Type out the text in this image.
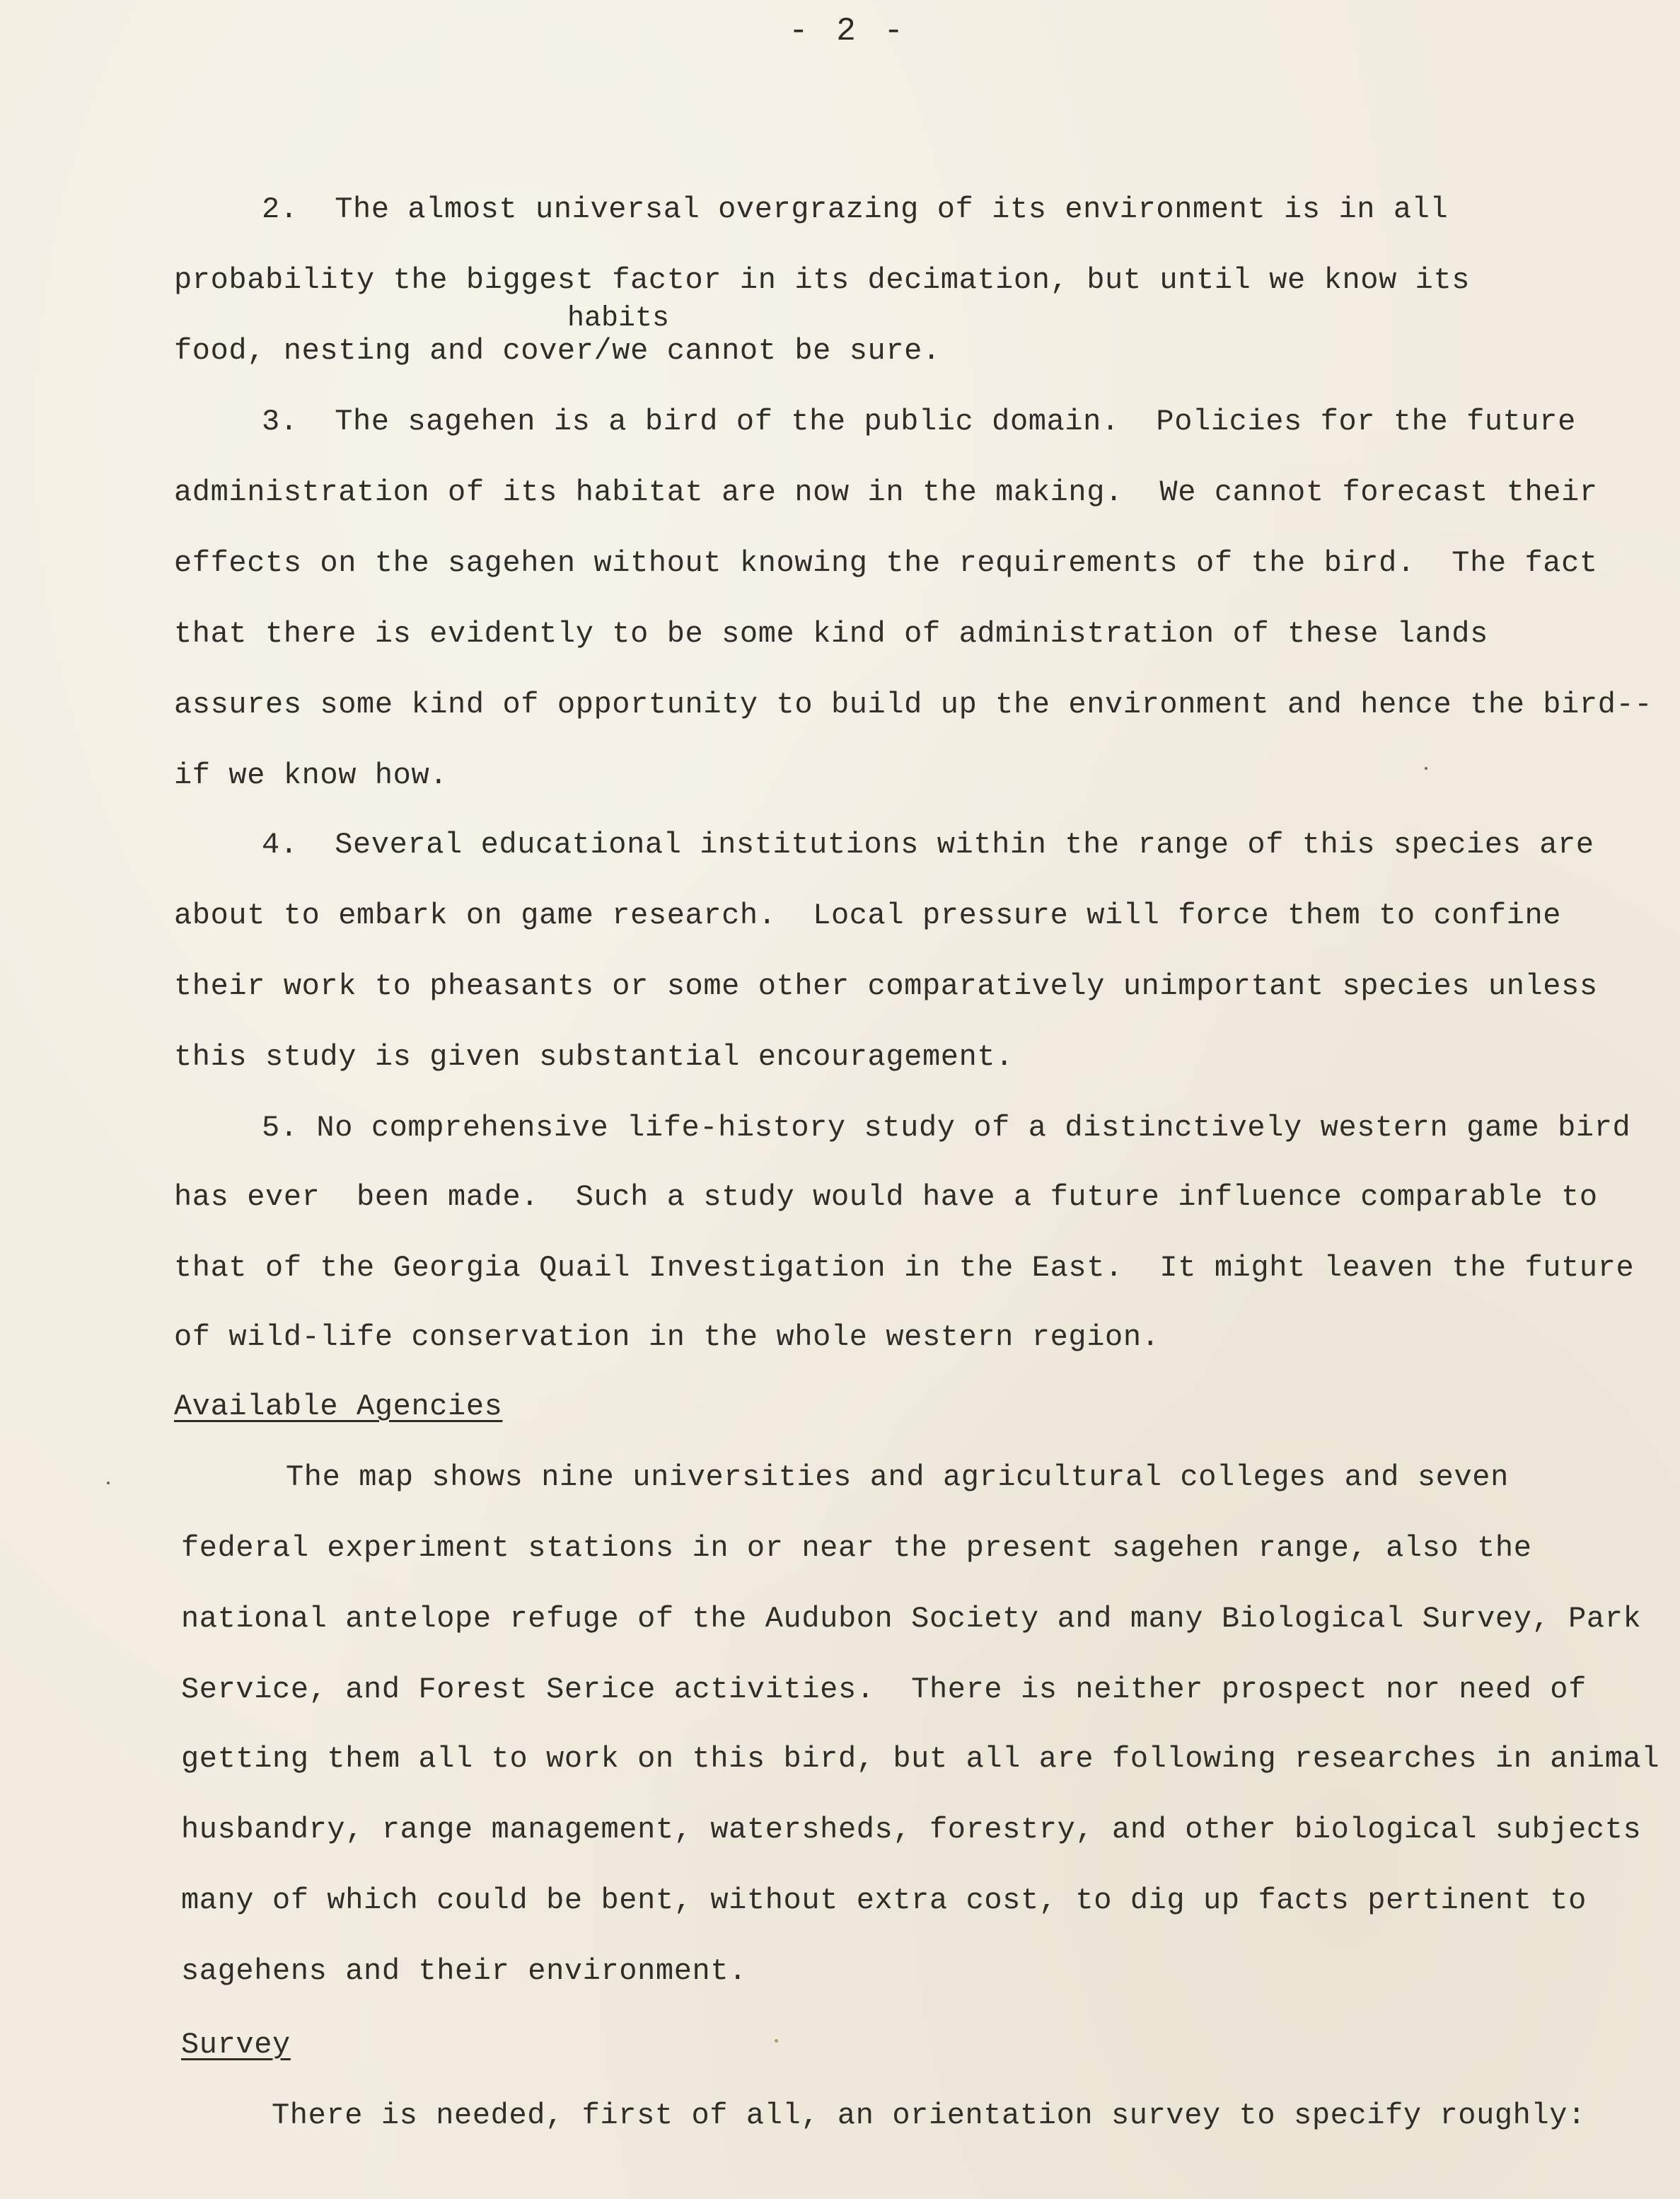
- 2 -
2.  The almost universal overgrazing of its environment is in all
probability the biggest factor in its decimation, but until we know its
habits
food, nesting and cover/we cannot be sure.
3.  The sagehen is a bird of the public domain.  Policies for the future
administration of its habitat are now in the making.  We cannot forecast their
effects on the sagehen without knowing the requirements of the bird.  The fact
that there is evidently to be some kind of administration of these lands
assures some kind of opportunity to build up the environment and hence the bird--
if we know how.
4.  Several educational institutions within the range of this species are
about to embark on game research.  Local pressure will force them to confine
their work to pheasants or some other comparatively unimportant species unless
this study is given substantial encouragement.
5. No comprehensive life-history study of a distinctively western game bird
has ever  been made.  Such a study would have a future influence comparable to
that of the Georgia Quail Investigation in the East.  It might leaven the future
of wild-life conservation in the whole western region.
Available Agencies
The map shows nine universities and agricultural colleges and seven
federal experiment stations in or near the present sagehen range, also the
national antelope refuge of the Audubon Society and many Biological Survey, Park
Service, and Forest Serice activities.  There is neither prospect nor need of
getting them all to work on this bird, but all are following researches in animal
husbandry, range management, watersheds, forestry, and other biological subjects
many of which could be bent, without extra cost, to dig up facts pertinent to
sagehens and their environment.
Survey
There is needed, first of all, an orientation survey to specify roughly:
